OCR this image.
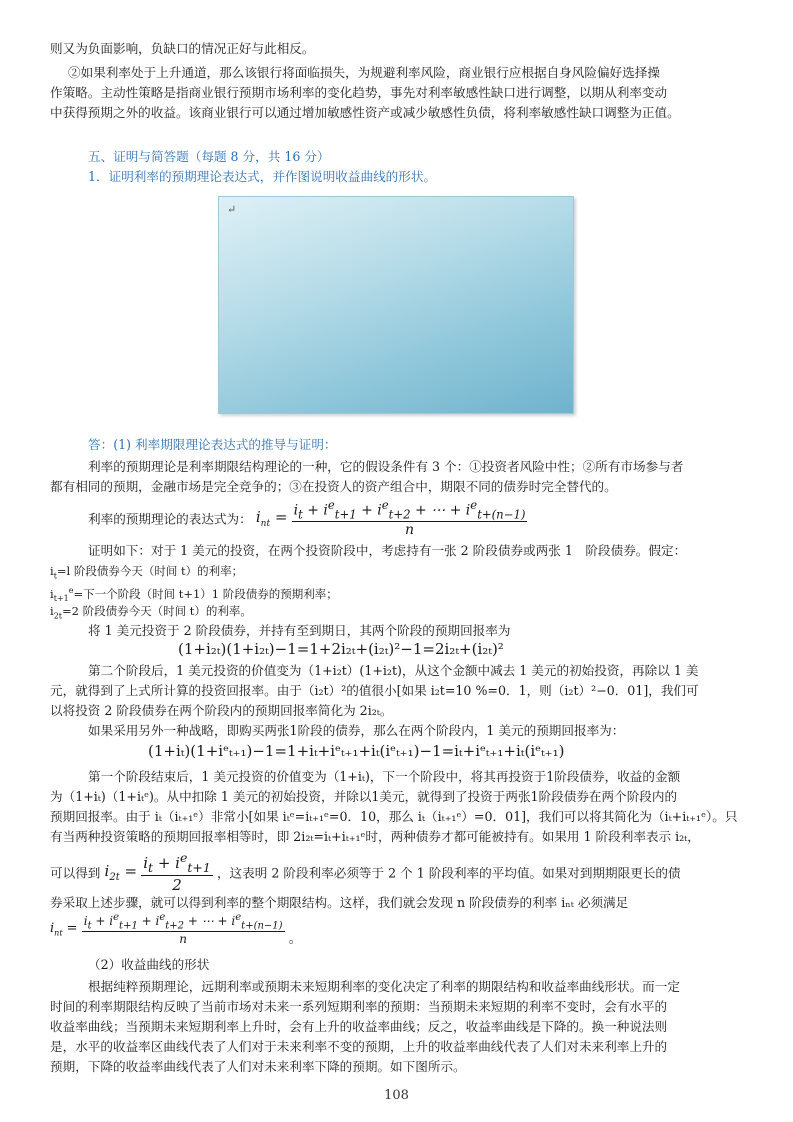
则又为负面影响，负缺口的情况正好与此相反。
②如果利率处于上升通道，那么该银行将面临损失，为规避利率风险，商业银行应根据自身风险偏好选择操
作策略。主动性策略是指商业银行预期市场利率的变化趋势，事先对利率敏感性缺口进行调整，以期从利率变动
中获得预期之外的收益。该商业银行可以通过增加敏感性资产或减少敏感性负债，将利率敏感性缺口调整为正值。
五、证明与简答题（每题 8 分，共 16 分）
1．证明利率的预期理论表达式，并作图说明收益曲线的形状。
↵
答：(1) 利率期限理论表达式的推导与证明：
利率的预期理论是利率期限结构理论的一种，它的假设条件有 3 个：①投资者风险中性；②所有市场参与者
都有相同的预期，金融市场是完全竞争的；③在投资人的资产组合中，期限不同的债券时完全替代的。
利率的预期理论的表达式为： $i_{nt} = \frac{i_t + i^e_{t+1} + i^e_{t+2} + \cdots + i^e_{t+(n-1)}}{n}$
证明如下：对于 1 美元的投资，在两个投资阶段中，考虑持有一张 2 阶段债券或两张 1　阶段债券。假定：
$i_t=l$ 阶段债券今天（时间 t）的利率；
$i_{t+1}^e=$下一个阶段（时间 t+1）1 阶段债券的预期利率；
$i_{2t}=2$ 阶段债券今天（时间 t）的利率。
将 1 美元投资于 2 阶段债券，并持有至到期日，其两个阶段的预期回报率为
(1+i₂ₜ)(1+i₂ₜ)−1=1+2i₂ₜ+(i₂ₜ)²−1=2i₂ₜ+(i₂ₜ)²
第二个阶段后，1 美元投资的价值变为（1+i₂t）(1+i₂t)，从这个金额中减去 1 美元的初始投资，再除以 1 美
元，就得到了上式所计算的投资回报率。由于（i₂t）²的值很小[如果 i₂t=10 %=0．1，则（i₂t）²−0．01]，我们可
以将投资 2 阶段债券在两个阶段内的预期回报率简化为 2i₂ₜ。
如果采用另外一种战略，即购买两张1阶段的债券，那么在两个阶段内，1 美元的预期回报率为：
(1+iₜ)(1+iᵉₜ₊₁)−1=1+iₜ+iᵉₜ₊₁+iₜ(iᵉₜ₊₁)−1=iₜ+iᵉₜ₊₁+iₜ(iᵉₜ₊₁)
第一个阶段结束后，1 美元投资的价值变为（1+iₜ)，下一个阶段中，将其再投资于1阶段债券，收益的金额
为（1+iₜ)（1+iₜᵉ)。从中扣除 1 美元的初始投资，并除以1美元，就得到了投资于两张1阶段债券在两个阶段内的
预期回报率。由于 iₜ（iₜ₊₁ᵉ）非常小[如果 iₜᵉ=iₜ₊₁ᵉ=0．10，那么 iₜ（iₜ₊₁ᵉ）=0．01]，我们可以将其简化为（iₜ+iₜ₊₁ᵉ）。只
有当两种投资策略的预期回报率相等时，即 2i₂ₜ=iₜ+iₜ₊₁ᵉ时，两种债券才都可能被持有。如果用 1 阶段利率表示 i₂ₜ，
可以得到 $i_{2t} = \frac{i_t + i^e_{t+1}}{2}$ ，这表明 2 阶段利率必须等于 2 个 1 阶段利率的平均值。如果对到期期限更长的债
券采取上述步骤，就可以得到利率的整个期限结构。这样，我们就会发现 n 阶段债券的利率 iₙₜ 必须满足
$i_{nt} = \frac{i_t + i^e_{t+1} + i^e_{t+2} + \cdots + i^e_{t+(n-1)}}{n}$ 。
（2）收益曲线的形状
根据纯粹预期理论，远期利率或预期未来短期利率的变化决定了利率的期限结构和收益率曲线形状。而一定
时间的利率期限结构反映了当前市场对未来一系列短期利率的预期：当预期未来短期的利率不变时，会有水平的
收益率曲线；当预期未来短期利率上升时，会有上升的收益率曲线；反之，收益率曲线是下降的。换一种说法则
是，水平的收益率区曲线代表了人们对于未来利率不变的预期，上升的收益率曲线代表了人们对未来利率上升的
预期，下降的收益率曲线代表了人们对未来利率下降的预期。如下图所示。
108
